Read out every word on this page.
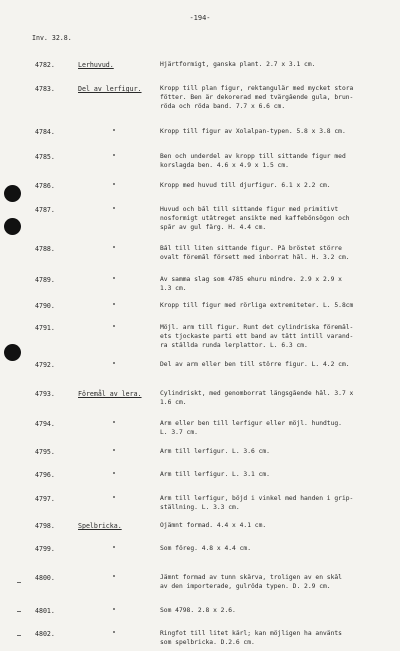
-194-
Inv. 32.8.
4782.	Lerhuvud.	Hjärtformigt, ganska plant. 2.7 x 3.1 cm.
4783.	Del av lerfigur.	Kropp till plan figur, rektangulär med mycket stora
fötter. Ben är dekorerad med tvärgående gula, brun-
röda och röda band. 7.7 x 6.6 cm.
4784.	"	Kropp till figur av Xolalpan-typen. 5.8 x 3.8 cm.
4785.	"	Ben och underdel av kropp till sittande figur med
korslagda ben. 4.6 x 4.9 x 1.5 cm.
4786.	"	Kropp med huvud till djurfigur. 6.1 x 2.2 cm.
4787.	"	Huvud och bål till sittande figur med primitivt
nosformigt utåtreget ansikte med kaffebönsögon och
spår av gul färg. H. 4.4 cm.
4788.	"	Bål till liten sittande figur. På bröstet större
ovalt föremål försett med inborrat hål. H. 3.2 cm.
4789.	"	Av samma slag som 4785 ehuru mindre. 2.9 x 2.9 x
1.3 cm.
4790.	"	Kropp till figur med rörliga extremiteter. L. 5.8cm
4791.	"	Möjl. arm till figur. Runt det cylindriska föremål-
ets tjockaste parti ett band av tätt intill varand-
ra ställda runda lerplattor. L. 6.3 cm.
4792.	"	Del av arm eller ben till större figur. L. 4.2 cm.
4793.	Föremål av lera.	Cylindriskt, med genomborrat längsgående hål. 3.7 x
1.6 cm.
4794.	"	Arm eller ben till lerfigur eller möjl. hundtug.
L. 3.7 cm.
4795.	"	Arm till lerfigur. L. 3.6 cm.
4796.	"	Arm till lerfigur. L. 3.1 cm.
4797.	"	Arm till lerfigur, böjd i vinkel med handen i grip-
ställning. L. 3.3 cm.
4798.	Spelbricka.	Ojämnt formad. 4.4 x 4.1 cm.
4799.	"	Som föreg. 4.8 x 4.4 cm.
4800.	"	Jämnt formad av tunn skärva, troligen av en skål
av den importerade, gulröda typen. D. 2.9 cm.
4801.	"	Som 4798. 2.8 x 2.6.
4802.	"	Ringfot till litet kärl; kan möjligen ha använts
som spelbricka. D.2.6 cm.
